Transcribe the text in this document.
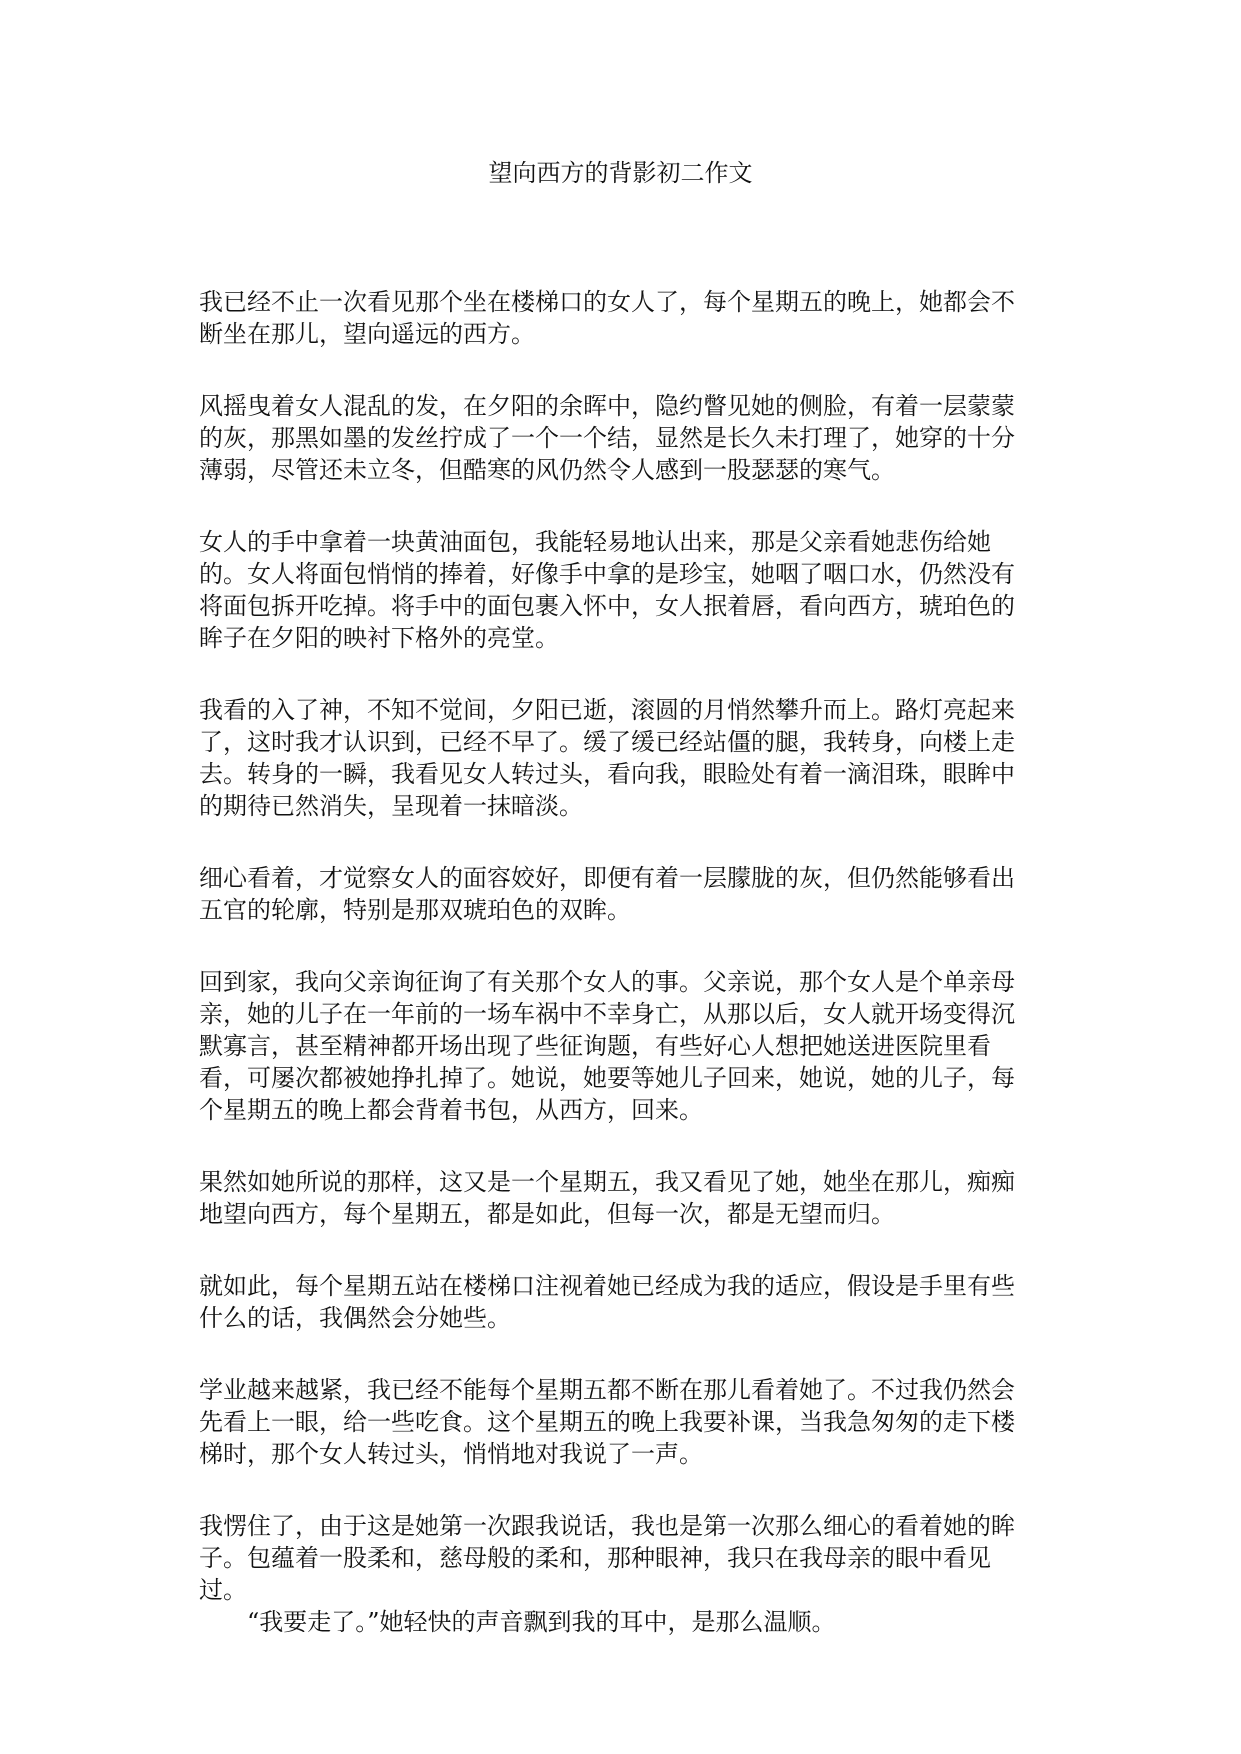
望向西方的背影初二作文

我已经不止一次看见那个坐在楼梯口的女人了，每个星期五的晚上，她都会不断坐在那儿，望向遥远的西方。

风摇曳着女人混乱的发，在夕阳的余晖中，隐约瞥见她的侧脸，有着一层蒙蒙的灰，那黑如墨的发丝拧成了一个一个结，显然是长久未打理了，她穿的十分薄弱，尽管还未立冬，但酷寒的风仍然令人感到一股瑟瑟的寒气。

女人的手中拿着一块黄油面包，我能轻易地认出来，那是父亲看她悲伤给她的。女人将面包悄悄的捧着，好像手中拿的是珍宝，她咽了咽口水，仍然没有将面包拆开吃掉。将手中的面包裹入怀中，女人抿着唇，看向西方，琥珀色的眸子在夕阳的映衬下格外的亮堂。

我看的入了神，不知不觉间，夕阳已逝，滚圆的月悄然攀升而上。路灯亮起来了，这时我才认识到，已经不早了。缓了缓已经站僵的腿，我转身，向楼上走去。转身的一瞬，我看见女人转过头，看向我，眼睑处有着一滴泪珠，眼眸中的期待已然消失，呈现着一抹暗淡。

细心看着，才觉察女人的面容姣好，即便有着一层朦胧的灰，但仍然能够看出五官的轮廓，特别是那双琥珀色的双眸。

回到家，我向父亲询征询了有关那个女人的事。父亲说，那个女人是个单亲母亲，她的儿子在一年前的一场车祸中不幸身亡，从那以后，女人就开场变得沉默寡言，甚至精神都开场出现了些征询题，有些好心人想把她送进医院里看看，可屡次都被她挣扎掉了。她说，她要等她儿子回来，她说，她的儿子，每个星期五的晚上都会背着书包，从西方，回来。

果然如她所说的那样，这又是一个星期五，我又看见了她，她坐在那儿，痴痴地望向西方，每个星期五，都是如此，但每一次，都是无望而归。

就如此，每个星期五站在楼梯口注视着她已经成为我的适应，假设是手里有些什么的话，我偶然会分她些。

学业越来越紧，我已经不能每个星期五都不断在那儿看着她了。不过我仍然会先看上一眼，给一些吃食。这个星期五的晚上我要补课，当我急匆匆的走下楼梯时，那个女人转过头，悄悄地对我说了一声。

我愣住了，由于这是她第一次跟我说话，我也是第一次那么细心的看着她的眸子。包蕴着一股柔和，慈母般的柔和，那种眼神，我只在我母亲的眼中看见过。

“我要走了。”她轻快的声音飘到我的耳中，是那么温顺。
